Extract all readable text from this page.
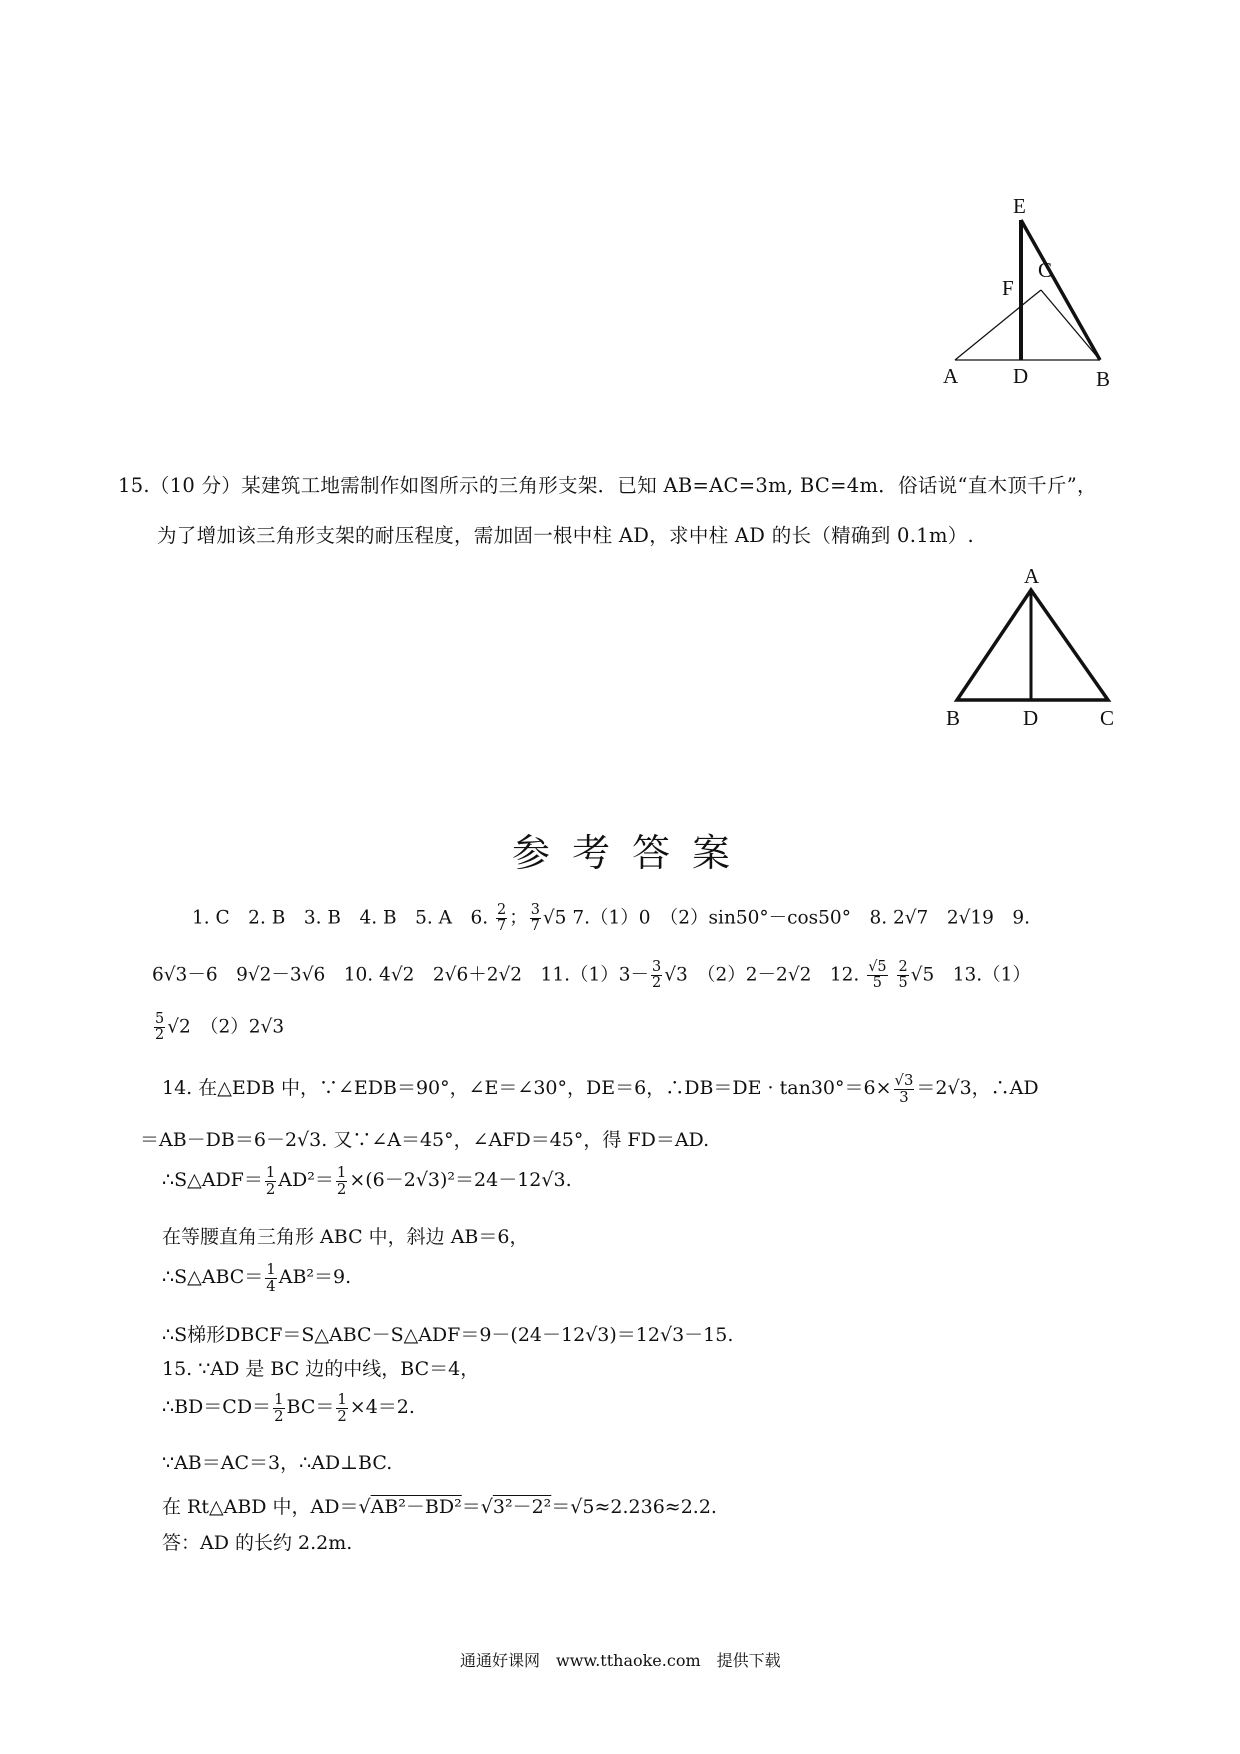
E
C
F
A	D	B
15.（10 分）某建筑工地需制作如图所示的三角形支架．已知 AB=AC=3m, BC=4m．俗话说“直木顶千斤”，
为了增加该三角形支架的耐压程度，需加固一根中柱 AD，求中柱 AD 的长（精确到 0.1m）.
A
B	D	C
参考答案
1. C　2. B　3. B　4. B　5. A　6. $\frac{2}{7}$ ； $\frac{3}{7} √5$ 7.（1）0　（2）sin50°－cos50°　8. 2√7　2√19　9.
6√3－6　9√2－3√6　10. 4√2　2√6＋2√2　$11.(1)3- \frac{3}{2} √3$　（2）2－2√2　12. $\frac{√5}{5}$
$\frac{2}{5} √5$　13.（1）
$\frac{5}{2} √2$　（2）2√3
14. 在△EDB 中，∵∠EDB＝90°，∠E＝∠30°，DE＝6，∴DB＝DE · $\tan 30^\circ=6\times \frac{√3}{3} =2√3$，∴AD
＝AB－DB＝6－2√3. 又∵∠A＝45°，∠AFD＝45°，得 FD＝AD.
∴S△ADF＝ $\frac{1}{2} AD^2= \frac{1}{2} \times(6-2√3)^2=24-12√3$.
在等腰直角三角形 ABC 中，斜边 AB＝6，
∴S△ABC＝ $\frac{1}{4} AB^2=9$.
∴S梯形DBCF＝S△ABC－S△ADF＝9－(24－12√3)＝12√3－15.
15. ∵AD 是 BC 边的中线，BC＝4，
∴BD＝CD＝ $\frac{1}{2} BC= \frac{1}{2} \times 4=2$.
∵AB＝AC＝3，∴AD⊥BC.
在 Rt△ABD 中，AD＝√AB²－BD²＝√3²－2²＝√5≈2.236≈2.2.
答：AD 的长约 2.2m.
通通好课网　www.tthaoke.com　提供下载
